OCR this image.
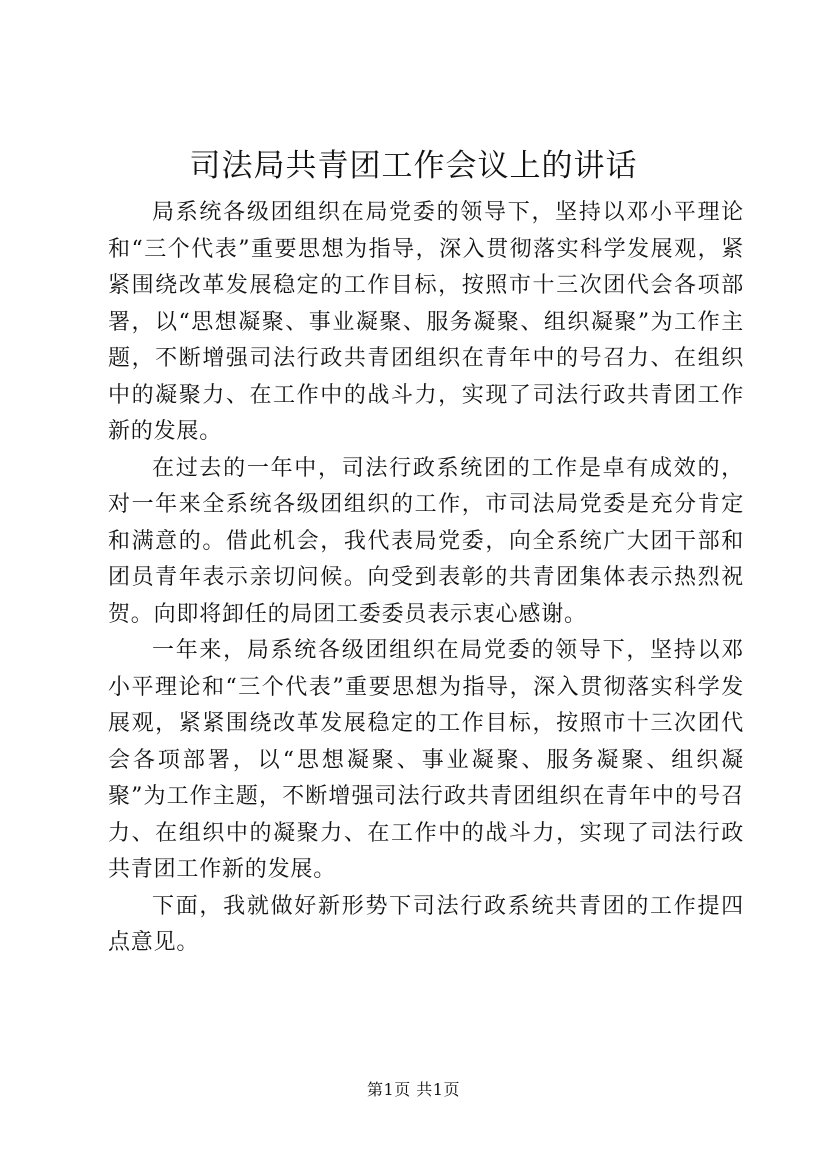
司法局共青团工作会议上的讲话

局系统各级团组织在局党委的领导下，坚持以邓小平理论和“三个代表”重要思想为指导，深入贯彻落实科学发展观，紧紧围绕改革发展稳定的工作目标，按照市十三次团代会各项部署，以“思想凝聚、事业凝聚、服务凝聚、组织凝聚”为工作主题，不断增强司法行政共青团组织在青年中的号召力、在组织中的凝聚力、在工作中的战斗力，实现了司法行政共青团工作新的发展。

在过去的一年中，司法行政系统团的工作是卓有成效的，对一年来全系统各级团组织的工作，市司法局党委是充分肯定和满意的。借此机会，我代表局党委，向全系统广大团干部和团员青年表示亲切问候。向受到表彰的共青团集体表示热烈祝贺。向即将卸任的局团工委委员表示衷心感谢。

一年来，局系统各级团组织在局党委的领导下，坚持以邓小平理论和“三个代表”重要思想为指导，深入贯彻落实科学发展观，紧紧围绕改革发展稳定的工作目标，按照市十三次团代会各项部署，以“思想凝聚、事业凝聚、服务凝聚、组织凝聚”为工作主题，不断增强司法行政共青团组织在青年中的号召力、在组织中的凝聚力、在工作中的战斗力，实现了司法行政共青团工作新的发展。

下面，我就做好新形势下司法行政系统共青团的工作提四点意见。

第1页 共1页
